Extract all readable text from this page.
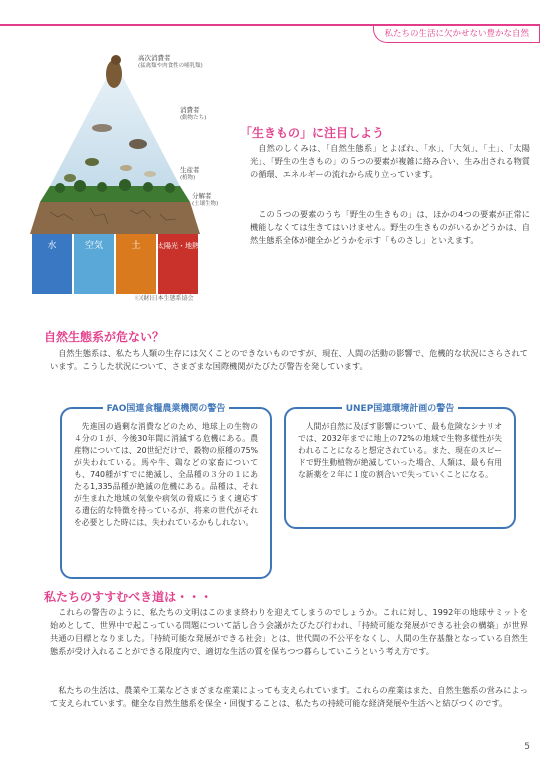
私たちの生活に欠かせない豊かな自然
水	空気	土 太陽光・地熱
高次消費者
(猛禽類や肉食性の哺乳類)
消費者
(動物たち)
生産者
(植物)
分解者
(土壌生物)
Ⓒ(財)日本生態系協会
「生きもの」に注目しよう
自然のしくみは、「自然生態系」とよばれ、「水」、「大気」、「土」、「太陽光」、「野生の生きもの」の５つの要素が複雑に絡み合い、生み出される物質の循環、エネルギーの流れから成り立っています。
この５つの要素のうち「野生の生きもの」は、ほかの4つの要素が正常に機能しなくては生きてはいけません。野生の生きものがいるかどうかは、自然生態系全体が健全かどうかを示す「ものさし」といえます。
自然生態系が危ない？
自然生態系は、私たち人類の生存には欠くことのできないものですが、現在、人間の活動の影響で、危機的な状況にさらされています。こうした状況について、さまざまな国際機関がたびたび警告を発しています。
FAO国連食糧農業機関の警告
先進国の過剰な消費などのため、地球上の生物の４分の１が、今後30年間に消滅する危機にある。農産物については、20世紀だけで、穀物の原種の75%が失われている。馬や牛、鶏などの家畜についても、740種がすでに絶滅し、全品種の３分の１にあたる1,335品種が絶滅の危機にある。品種は、それが生まれた地域の気象や病気の脅威にうまく適応する遺伝的な特徴を持っているが、将来の世代がそれを必要とした時には、失われているかもしれない。
UNEP国連環境計画の警告
人間が自然に及ぼす影響について、最も危険なシナリオでは、2032年までに地上の72%の地域で生物多様性が失われることになると想定されている。また、現在のスピードで野生動植物が絶滅していった場合、人類は、最も有用な新薬を２年に１度の割合いで失っていくことになる。
私たちのすすむべき道は・・・
これらの警告のように、私たちの文明はこのまま終わりを迎えてしまうのでしょうか。これに対し、1992年の地球サミットを始めとして、世界中で起こっている問題について話し合う会議がたびたび行われ、「持続可能な発展ができる社会の構築」が世界共通の目標となりました。「持続可能な発展ができる社会」とは、世代間の不公平をなくし、人間の生存基盤となっている自然生態系が受け入れることができる限度内で、適切な生活の質を保ちつつ暮らしていこうという考え方です。
私たちの生活は、農業や工業などさまざまな産業によっても支えられています。これらの産業はまた、自然生態系の営みによって支えられています。健全な自然生態系を保全・回復することは、私たちの持続可能な経済発展や生活へと結びつくのです。
5
